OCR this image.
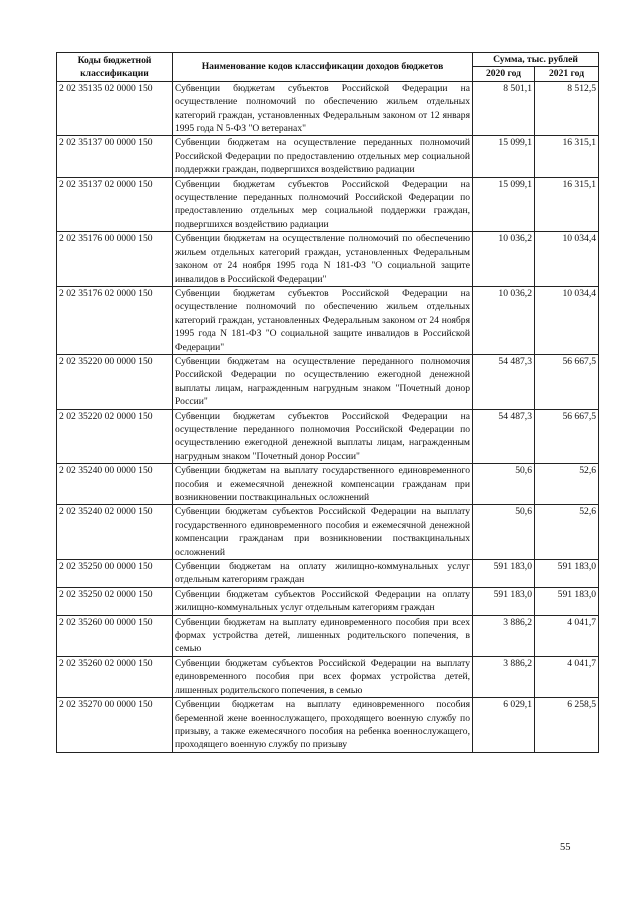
Коды бюджетной классификации	Наименование кодов классификации доходов бюджетов	Сумма, тыс. рублей	
		2020 год	2021 год
2 02 35135 02 0000 150	Субвенции бюджетам субъектов Российской Федерации на осуществление полномочий по обеспечению жильем отдельных категорий граждан, установленных Федеральным законом от 12 января 1995 года N 5-ФЗ "О ветеранах"	8 501,1	8 512,5
2 02 35137 00 0000 150	Субвенции бюджетам на осуществление переданных полномочий Российской Федерации по предоставлению отдельных мер социальной поддержки граждан, подвергшихся воздействию радиации	15 099,1	16 315,1
2 02 35137 02 0000 150	Субвенции бюджетам субъектов Российской Федерации на осуществление переданных полномочий Российской Федерации по предоставлению отдельных мер социальной поддержки граждан, подвергшихся воздействию радиации	15 099,1	16 315,1
2 02 35176 00 0000 150	Субвенции бюджетам на осуществление полномочий по обеспечению жильем отдельных категорий граждан, установленных Федеральным законом от 24 ноября 1995 года N 181-ФЗ "О социальной защите инвалидов в Российской Федерации"	10 036,2	10 034,4
2 02 35176 02 0000 150	Субвенции бюджетам субъектов Российской Федерации на осуществление полномочий по обеспечению жильем отдельных категорий граждан, установленных Федеральным законом от 24 ноября 1995 года N 181-ФЗ "О социальной защите инвалидов в Российской Федерации"	10 036,2	10 034,4
2 02 35220 00 0000 150	Субвенции бюджетам на осуществление переданного полномочия Российской Федерации по осуществлению ежегодной денежной выплаты лицам, награжденным нагрудным знаком "Почетный донор России"	54 487,3	56 667,5
2 02 35220 02 0000 150	Субвенции бюджетам субъектов Российской Федерации на осуществление переданного полномочия Российской Федерации по осуществлению ежегодной денежной выплаты лицам, награжденным нагрудным знаком "Почетный донор России"	54 487,3	56 667,5
2 02 35240 00 0000 150	Субвенции бюджетам на выплату государственного единовременного пособия и ежемесячной денежной компенсации гражданам при возникновении поствакцинальных осложнений	50,6	52,6
2 02 35240 02 0000 150	Субвенции бюджетам субъектов Российской Федерации на выплату государственного единовременного пособия и ежемесячной денежной компенсации гражданам при возникновении поствакцинальных осложнений	50,6	52,6
2 02 35250 00 0000 150	Субвенции бюджетам на оплату жилищно-коммунальных услуг отдельным категориям граждан	591 183,0	591 183,0
2 02 35250 02 0000 150	Субвенции бюджетам субъектов Российской Федерации на оплату жилищно-коммунальных услуг отдельным категориям граждан	591 183,0	591 183,0
2 02 35260 00 0000 150	Субвенции бюджетам на выплату единовременного пособия при всех формах устройства детей, лишенных родительского попечения, в семью	3 886,2	4 041,7
2 02 35260 02 0000 150	Субвенции бюджетам субъектов Российской Федерации на выплату единовременного пособия при всех формах устройства детей, лишенных родительского попечения, в семью	3 886,2	4 041,7
2 02 35270 00 0000 150	Субвенции бюджетам на выплату единовременного пособия беременной жене военнослужащего, проходящего военную службу по призыву, а также ежемесячного пособия на ребенка военнослужащего, проходящего военную службу по призыву	6 029,1	6 258,5
55
